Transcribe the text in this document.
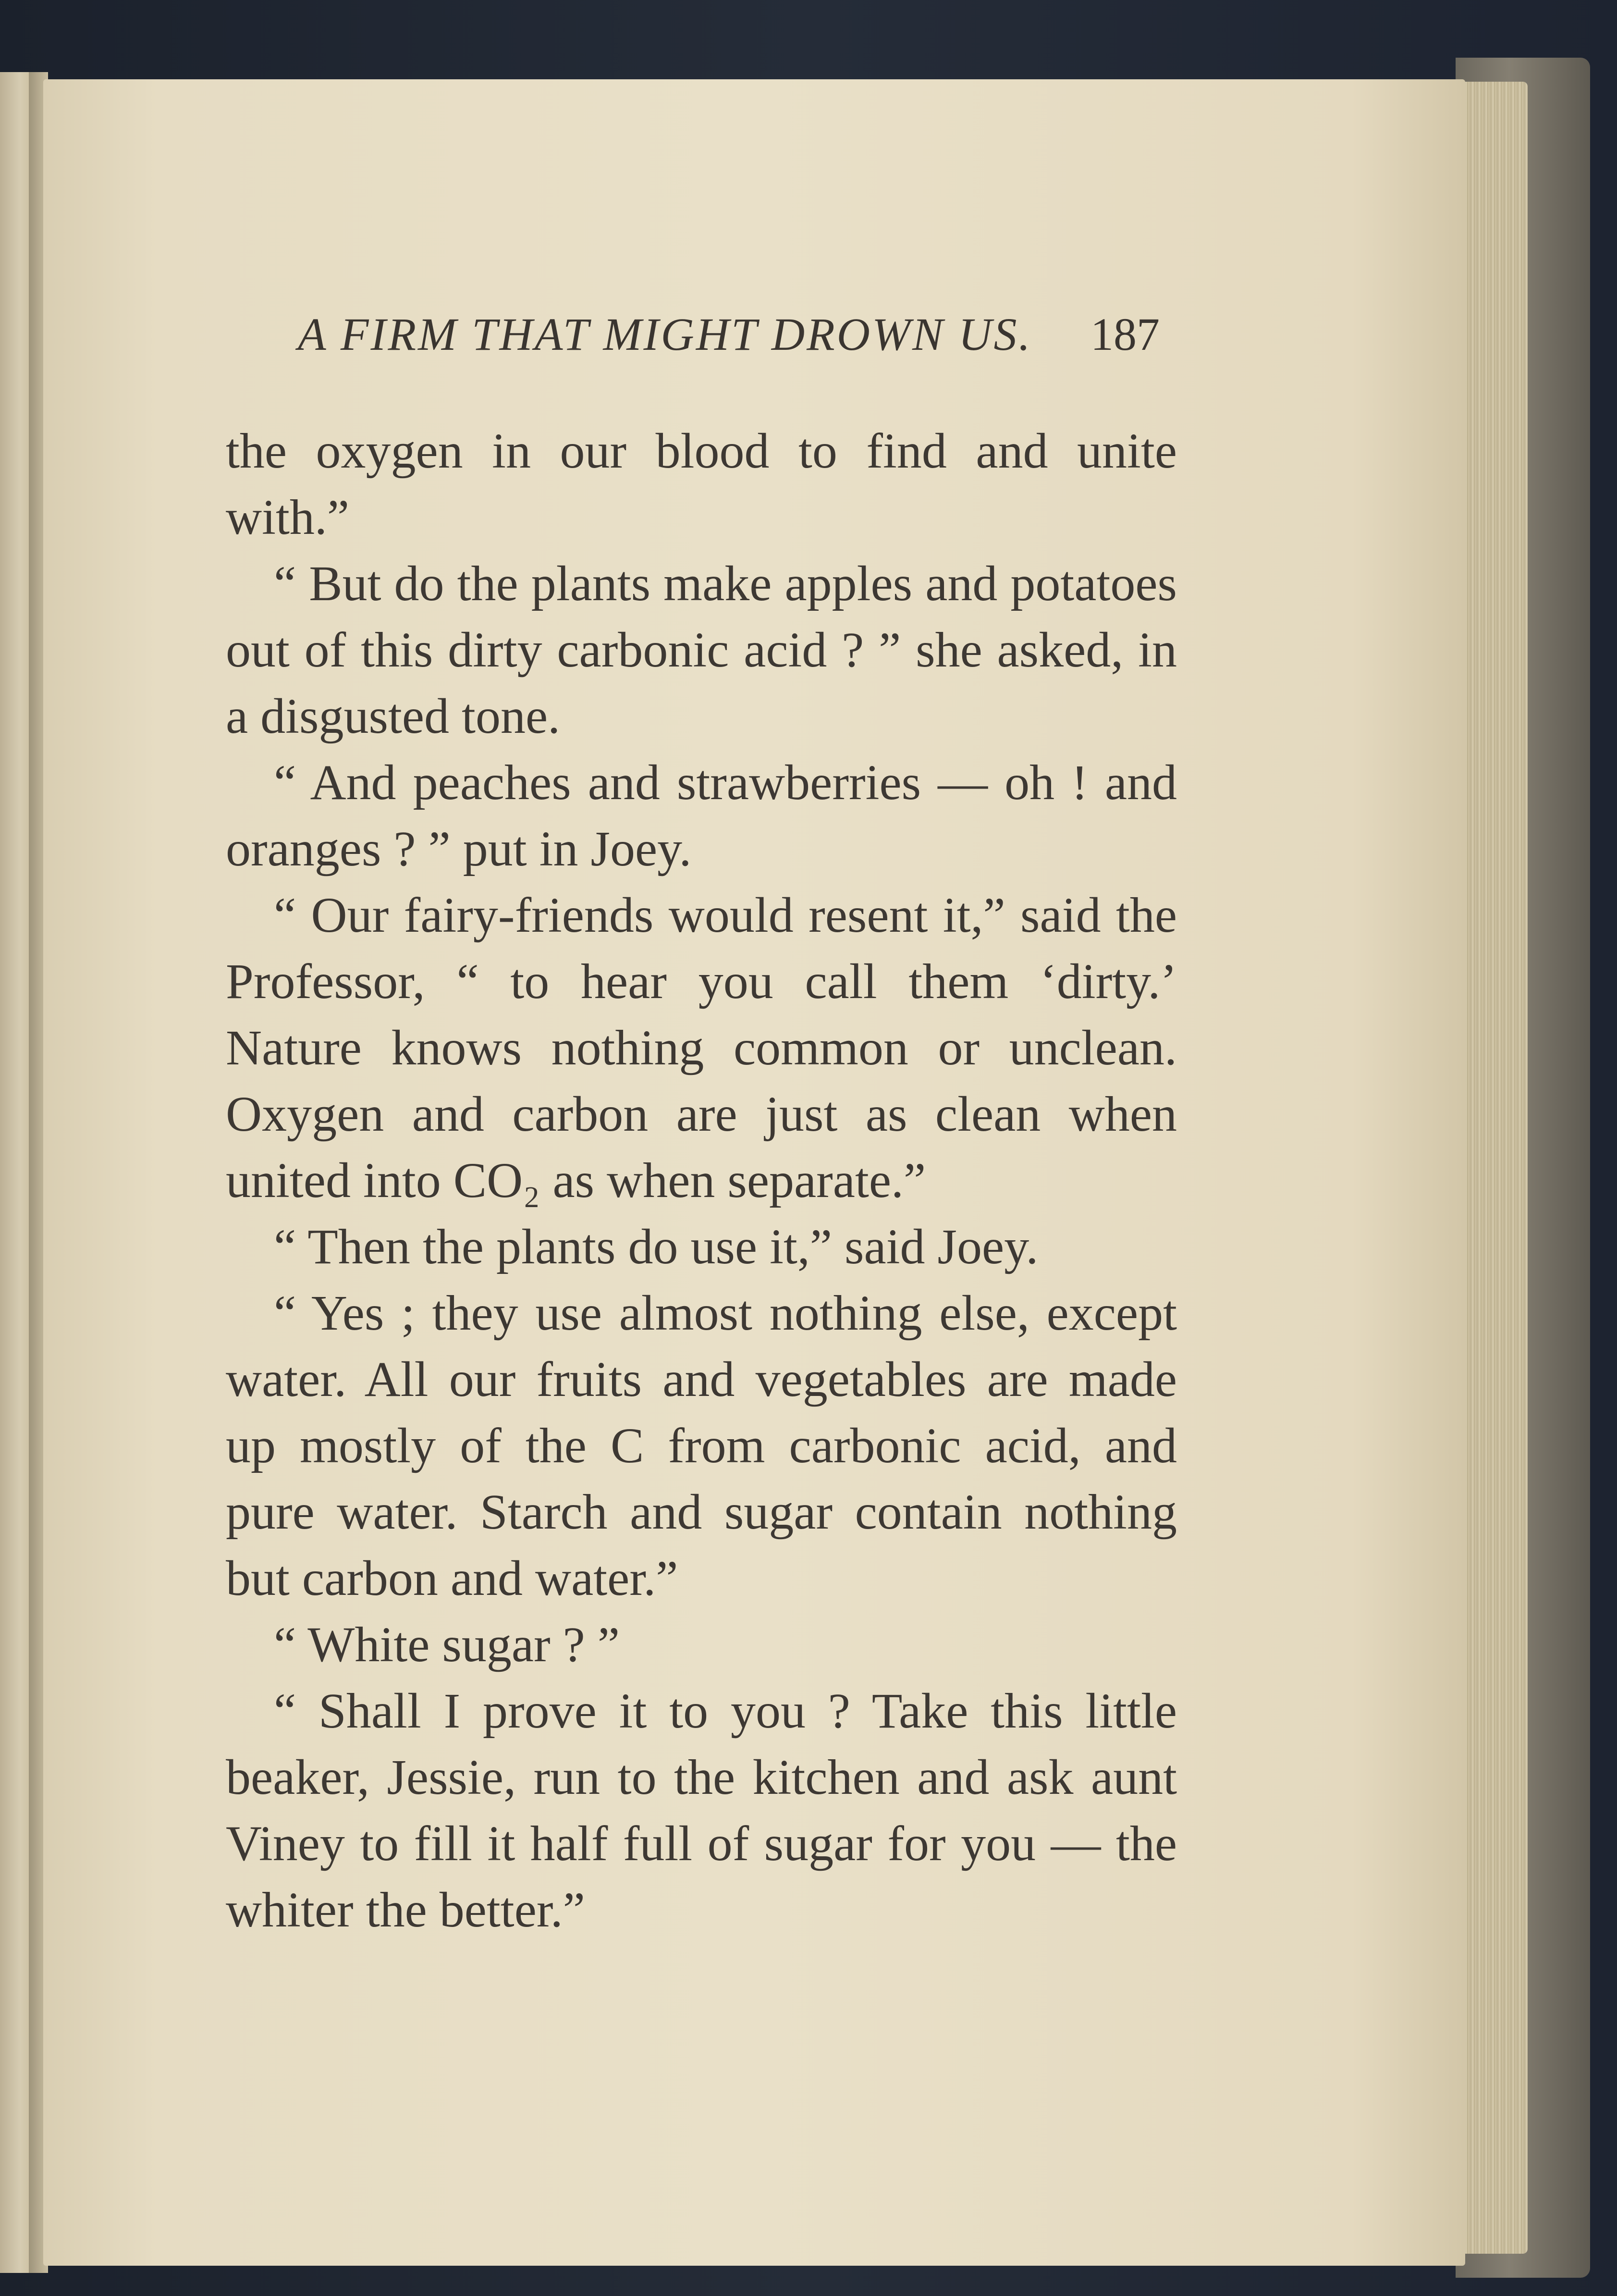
A FIRM THAT MIGHT DROWN US.	187

the oxygen in our blood to find and unite with.”

“ But do the plants make apples and potatoes out of this dirty carbonic acid ? ” she asked, in a disgusted tone.

“ And peaches and strawberries — oh ! and oranges ? ” put in Joey.

“ Our fairy-friends would resent it,” said the Professor, “ to hear you call them ‘dirty.’ Nature knows nothing common or unclean. Oxygen and carbon are just as clean when united into CO₂ as when separate.”

“ Then the plants do use it,” said Joey.

“ Yes ; they use almost nothing else, except water. All our fruits and vegetables are made up mostly of the C from carbonic acid, and pure water. Starch and sugar contain nothing but carbon and water.”

“ White sugar ? ”

“ Shall I prove it to you ? Take this little beaker, Jessie, run to the kitchen and ask aunt Viney to fill it half full of sugar for you — the whiter the better.”
